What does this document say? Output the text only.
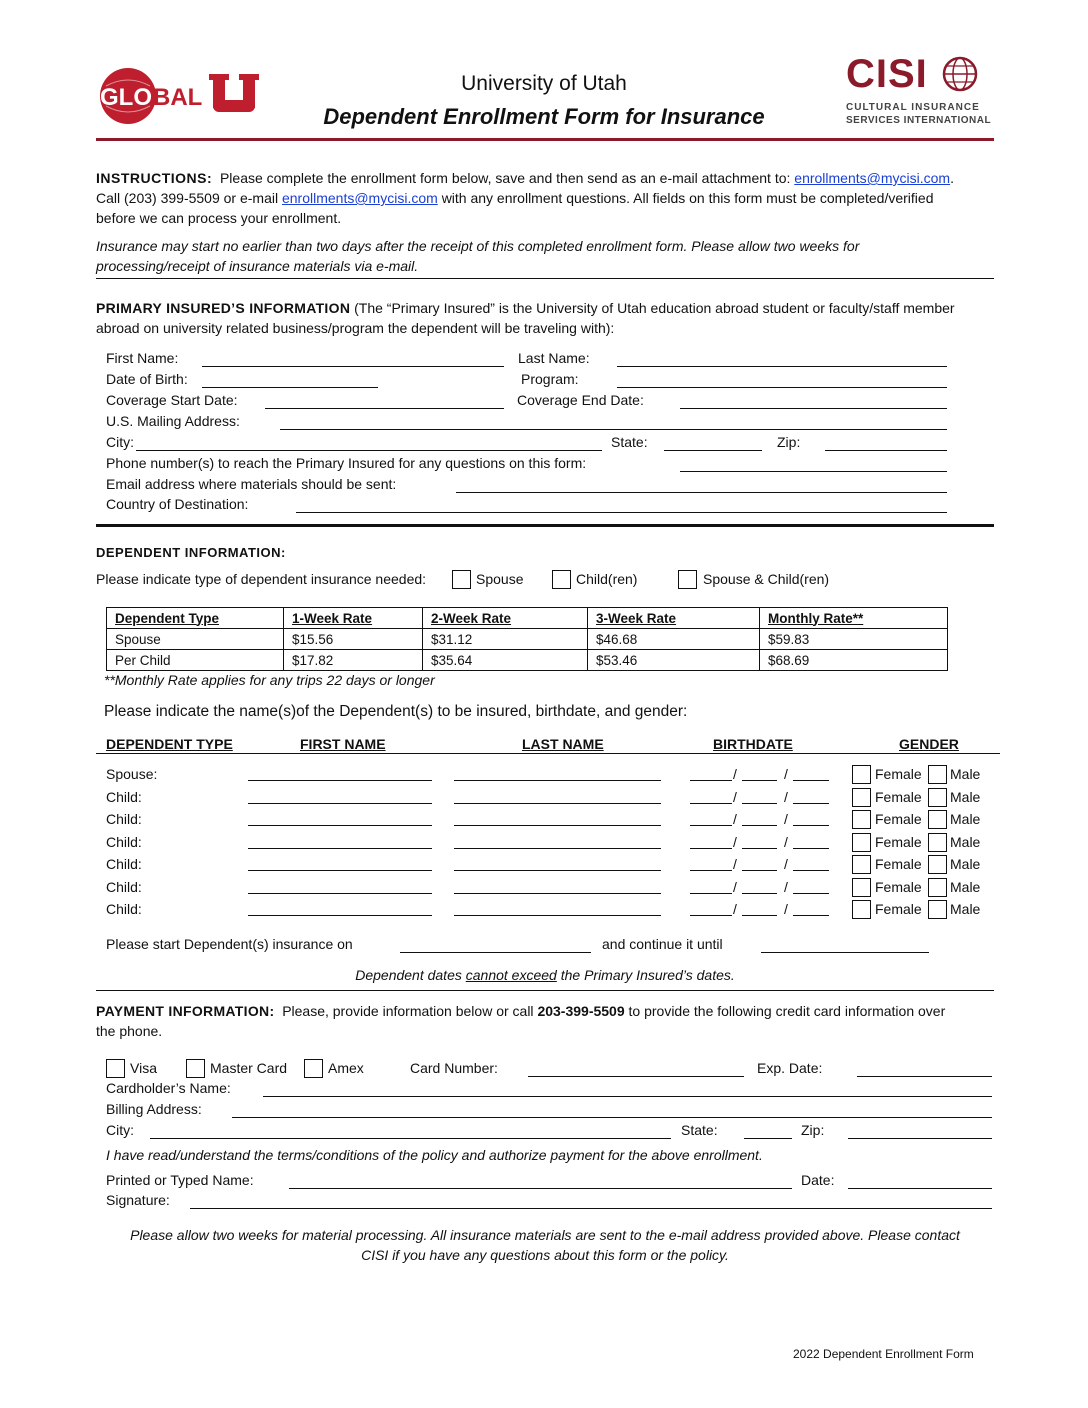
GLO BAL
University of Utah
Dependent Enrollment Form for Insurance
CISI
CULTURAL INSURANCE
SERVICES INTERNATIONAL
INSTRUCTIONS: Please complete the enrollment form below, save and then send as an e-mail attachment to: enrollments@mycisi.com.
Call (203) 399-5509 or e-mail enrollments@mycisi.com with any enrollment questions. All fields on this form must be completed/verified
before we can process your enrollment.
Insurance may start no earlier than two days after the receipt of this completed enrollment form. Please allow two weeks for
processing/receipt of insurance materials via e-mail.
PRIMARY INSURED’S INFORMATION (The “Primary Insured” is the University of Utah education abroad student or faculty/staff member
abroad on university related business/program the dependent will be traveling with):
First Name:	Last Name:
Date of Birth:	Program:
Coverage Start Date:	Coverage End Date:
U.S. Mailing Address:
City:	State:	Zip:
Phone number(s) to reach the Primary Insured for any questions on this form:
Email address where materials should be sent:
Country of Destination:
DEPENDENT INFORMATION:
Please indicate type of dependent insurance needed:	Spouse	Child(ren)	Spouse & Child(ren)
Dependent Type	1-Week Rate	2-Week Rate	3-Week Rate	Monthly Rate**
Spouse	$15.56	$31.12	$46.68	$59.83
Per Child	$17.82	$35.64	$53.46	$68.69
**Monthly Rate applies for any trips 22 days or longer
Please indicate the name(s)of the Dependent(s) to be insured, birthdate, and gender:
DEPENDENT TYPE	FIRST NAME	LAST NAME	BIRTHDATE	GENDER
Spouse:	/	/	Female Male
Child:	/	/	Female Male
Child:	/	/	Female Male
Child:	/	/	Female Male
Child:	/	/	Female Male
Child:	/	/	Female Male
Child:	/	/	Female Male
Please start Dependent(s) insurance on	and continue it until
Dependent dates cannot exceed the Primary Insured’s dates.
PAYMENT INFORMATION: Please, provide information below or call 203-399-5509 to provide the following credit card information over
the phone.
Visa	Master Card	Amex	Card Number:	Exp. Date:
Cardholder’s Name:
Billing Address:
City:	State:	Zip:
I have read/understand the terms/conditions of the policy and authorize payment for the above enrollment.
Printed or Typed Name:	Date:
Signature:
Please allow two weeks for material processing. All insurance materials are sent to the e-mail address provided above. Please contact
CISI if you have any questions about this form or the policy.
2022 Dependent Enrollment Form
